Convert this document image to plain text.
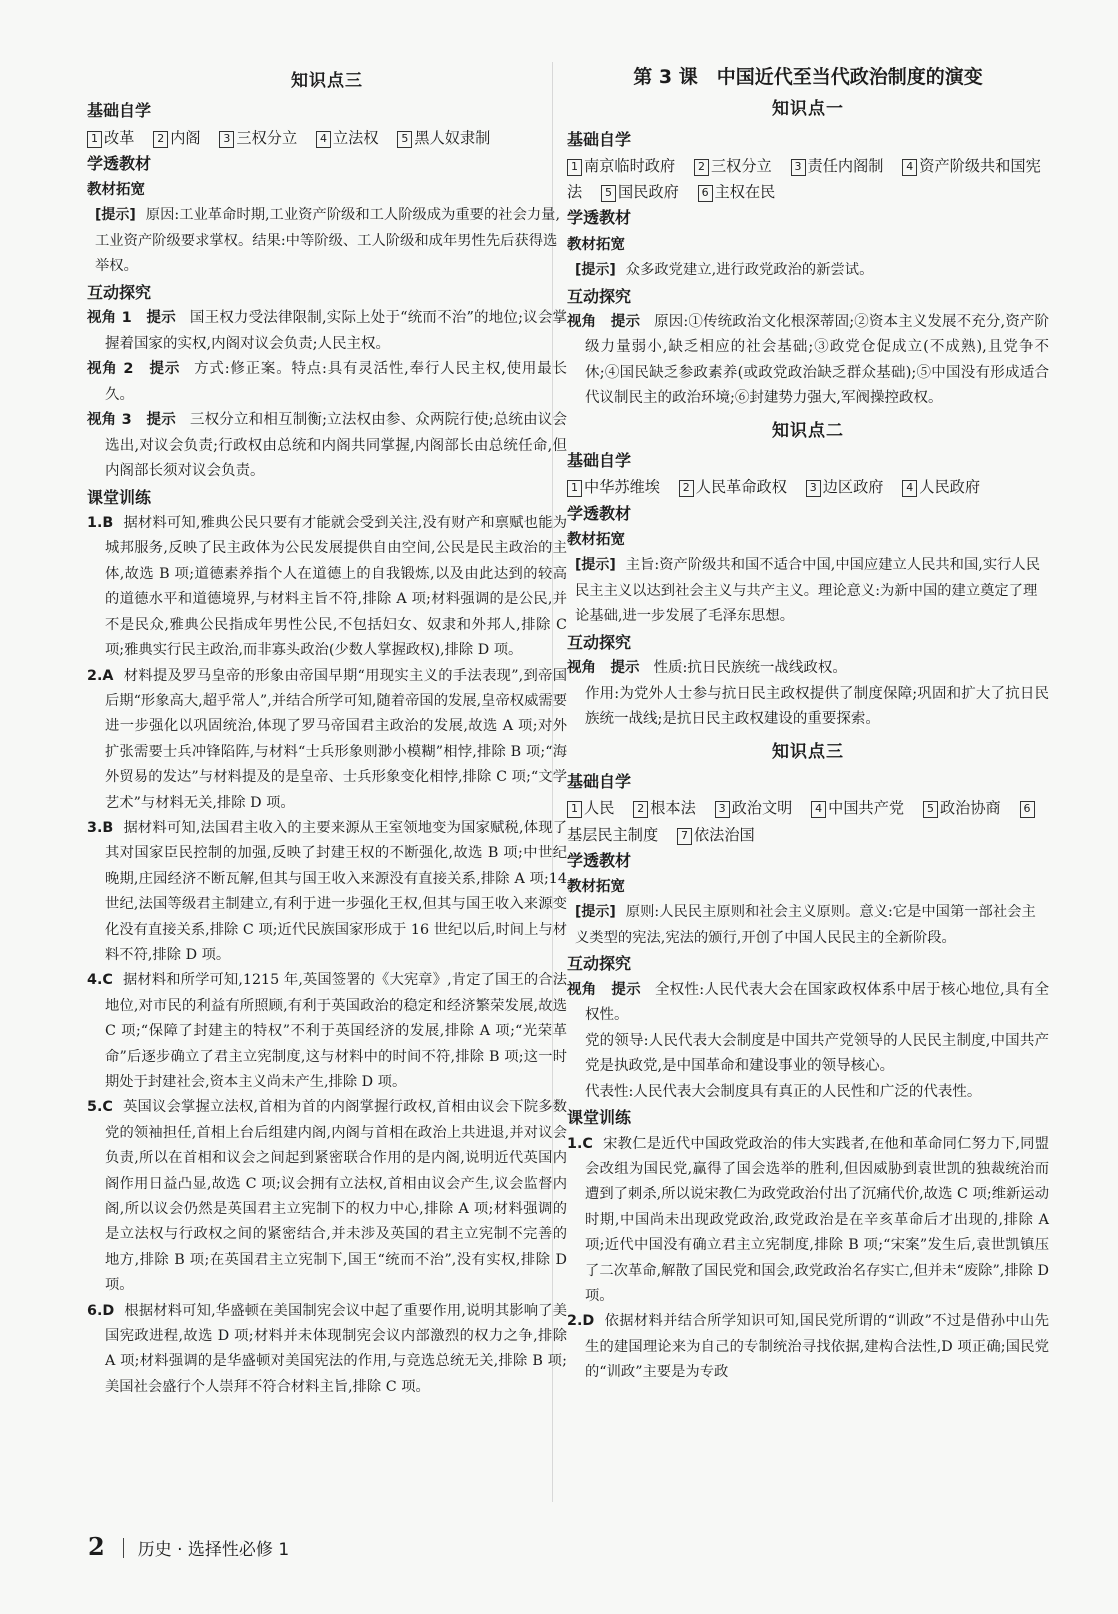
知识点三
基础自学
1 改革 2 内阁 3 三权分立 4 立法权 5 黑人奴隶制
学透教材
教材拓宽
[提示] 原因:工业革命时期,工业资产阶级和工人阶级成为重要的社会力量,工业资产阶级要求掌权。结果:中等阶级、工人阶级和成年男性先后获得选举权。
互动探究
视角 1　提示 国王权力受法律限制,实际上处于“统而不治”的地位;议会掌握着国家的实权,内阁对议会负责;人民主权。
视角 2　提示 方式:修正案。特点:具有灵活性,奉行人民主权,使用最长久。
视角 3　提示 三权分立和相互制衡;立法权由参、众两院行使;总统由议会选出,对议会负责;行政权由总统和内阁共同掌握,内阁部长由总统任命,但内阁部长须对议会负责。
课堂训练
1.B 据材料可知,雅典公民只要有才能就会受到关注,没有财产和禀赋也能为城邦服务,反映了民主政体为公民发展提供自由空间,公民是民主政治的主体,故选 B 项;道德素养指个人在道德上的自我锻炼,以及由此达到的较高的道德水平和道德境界,与材料主旨不符,排除 A 项;材料强调的是公民,并不是民众,雅典公民指成年男性公民,不包括妇女、奴隶和外邦人,排除 C 项;雅典实行民主政治,而非寡头政治(少数人掌握政权),排除 D 项。
2.A 材料提及罗马皇帝的形象由帝国早期“用现实主义的手法表现”,到帝国后期“形象高大,超乎常人”,并结合所学可知,随着帝国的发展,皇帝权威需要进一步强化以巩固统治,体现了罗马帝国君主政治的发展,故选 A 项;对外扩张需要士兵冲锋陷阵,与材料“士兵形象则渺小模糊”相悖,排除 B 项;“海外贸易的发达”与材料提及的是皇帝、士兵形象变化相悖,排除 C 项;“文学艺术”与材料无关,排除 D 项。
3.B 据材料可知,法国君主收入的主要来源从王室领地变为国家赋税,体现了其对国家臣民控制的加强,反映了封建王权的不断强化,故选 B 项;中世纪晚期,庄园经济不断瓦解,但其与国王收入来源没有直接关系,排除 A 项;14 世纪,法国等级君主制建立,有利于进一步强化王权,但其与国王收入来源变化没有直接关系,排除 C 项;近代民族国家形成于 16 世纪以后,时间上与材料不符,排除 D 项。
4.C 据材料和所学可知,1215 年,英国签署的《大宪章》,肯定了国王的合法地位,对市民的利益有所照顾,有利于英国政治的稳定和经济繁荣发展,故选 C 项;“保障了封建主的特权”不利于英国经济的发展,排除 A 项;“光荣革命”后逐步确立了君主立宪制度,这与材料中的时间不符,排除 B 项;这一时期处于封建社会,资本主义尚未产生,排除 D 项。
5.C 英国议会掌握立法权,首相为首的内阁掌握行政权,首相由议会下院多数党的领袖担任,首相上台后组建内阁,内阁与首相在政治上共进退,并对议会负责,所以在首相和议会之间起到紧密联合作用的是内阁,说明近代英国内阁作用日益凸显,故选 C 项;议会拥有立法权,首相由议会产生,议会监督内阁,所以议会仍然是英国君主立宪制下的权力中心,排除 A 项;材料强调的是立法权与行政权之间的紧密结合,并未涉及英国的君主立宪制不完善的地方,排除 B 项;在英国君主立宪制下,国王“统而不治”,没有实权,排除 D 项。
6.D 根据材料可知,华盛顿在美国制宪会议中起了重要作用,说明其影响了美国宪政进程,故选 D 项;材料并未体现制宪会议内部激烈的权力之争,排除 A 项;材料强调的是华盛顿对美国宪法的作用,与竞选总统无关,排除 B 项;美国社会盛行个人崇拜不符合材料主旨,排除 C 项。
第 3 课　中国近代至当代政治制度的演变
知识点一
基础自学
1 南京临时政府 2 三权分立 3 责任内阁制 4 资产阶级共和国宪法 5 国民政府 6 主权在民
学透教材
教材拓宽
[提示] 众多政党建立,进行政党政治的新尝试。
互动探究
视角　提示 原因:①传统政治文化根深蒂固;②资本主义发展不充分,资产阶级力量弱小,缺乏相应的社会基础;③政党仓促成立(不成熟),且党争不休;④国民缺乏参政素养(或政党政治缺乏群众基础);⑤中国没有形成适合代议制民主的政治环境;⑥封建势力强大,军阀操控政权。
知识点二
基础自学
1 中华苏维埃 2 人民革命政权 3 边区政府 4 人民政府
学透教材
教材拓宽
[提示] 主旨:资产阶级共和国不适合中国,中国应建立人民共和国,实行人民民主主义以达到社会主义与共产主义。理论意义:为新中国的建立奠定了理论基础,进一步发展了毛泽东思想。
互动探究
视角　提示 性质:抗日民族统一战线政权。
作用:为党外人士参与抗日民主政权提供了制度保障;巩固和扩大了抗日民族统一战线;是抗日民主政权建设的重要探索。
知识点三
基础自学
1 人民 2 根本法 3 政治文明 4 中国共产党 5 政治协商 6基层民主制度 7 依法治国
学透教材
教材拓宽
[提示] 原则:人民民主原则和社会主义原则。意义:它是中国第一部社会主义类型的宪法,宪法的颁行,开创了中国人民民主的全新阶段。
互动探究
视角　提示 全权性:人民代表大会在国家政权体系中居于核心地位,具有全权性。
党的领导:人民代表大会制度是中国共产党领导的人民民主制度,中国共产党是执政党,是中国革命和建设事业的领导核心。
代表性:人民代表大会制度具有真正的人民性和广泛的代表性。
课堂训练
1.C 宋教仁是近代中国政党政治的伟大实践者,在他和革命同仁努力下,同盟会改组为国民党,赢得了国会选举的胜利,但因威胁到袁世凯的独裁统治而遭到了刺杀,所以说宋教仁为政党政治付出了沉痛代价,故选 C 项;维新运动时期,中国尚未出现政党政治,政党政治是在辛亥革命后才出现的,排除 A 项;近代中国没有确立君主立宪制度,排除 B 项;“宋案”发生后,袁世凯镇压了二次革命,解散了国民党和国会,政党政治名存实亡,但并未“废除”,排除 D 项。
2.D 依据材料并结合所学知识可知,国民党所谓的“训政”不过是借孙中山先生的建国理论来为自己的专制统治寻找依据,建构合法性,D 项正确;国民党的“训政”主要是为专政
2 历史 · 选择性必修 1
